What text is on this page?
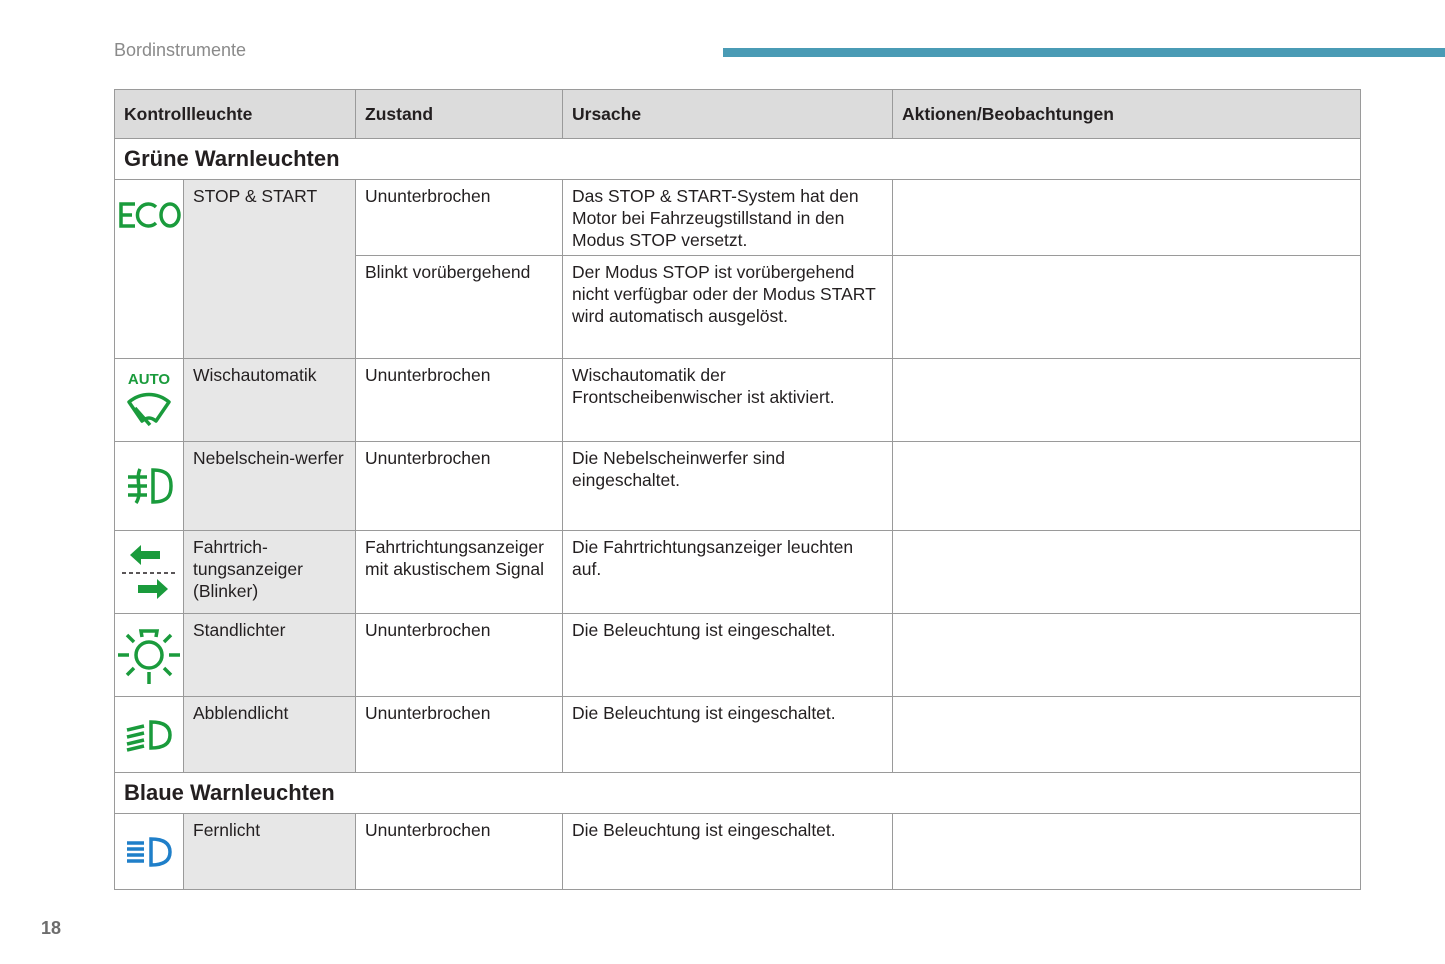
Bordinstrumente
Kontrollleuchte		Zustand	Ursache	Aktionen/Beobachtungen
Grüne Warnleuchten				

	STOP & START	Ununterbrochen	Das STOP & START-System hat den Motor bei Fahrzeugstillstand in den Modus STOP versetzt.	
		Blinkt vorübergehend	Der Modus STOP ist vorübergehend nicht verfügbar oder der Modus START wird automatisch ausgelöst.	

AUTO	Wischautomatik	Ununterbrochen	Wischautomatik der Frontscheibenwischer ist aktiviert.	

	Nebelschein-werfer	Ununterbrochen	Die Nebelscheinwerfer sind eingeschaltet.	

	Fahrtrich-tungsanzeiger (Blinker)	Fahrtrichtungsanzeiger mit akustischem Signal	Die Fahrtrichtungsanzeiger leuchten auf.	

	Standlichter	Ununterbrochen	Die Beleuchtung ist eingeschaltet.	

	Abblendlicht	Ununterbrochen	Die Beleuchtung ist eingeschaltet.	
Blaue Warnleuchten				

	Fernlicht	Ununterbrochen	Die Beleuchtung ist eingeschaltet.	
18
